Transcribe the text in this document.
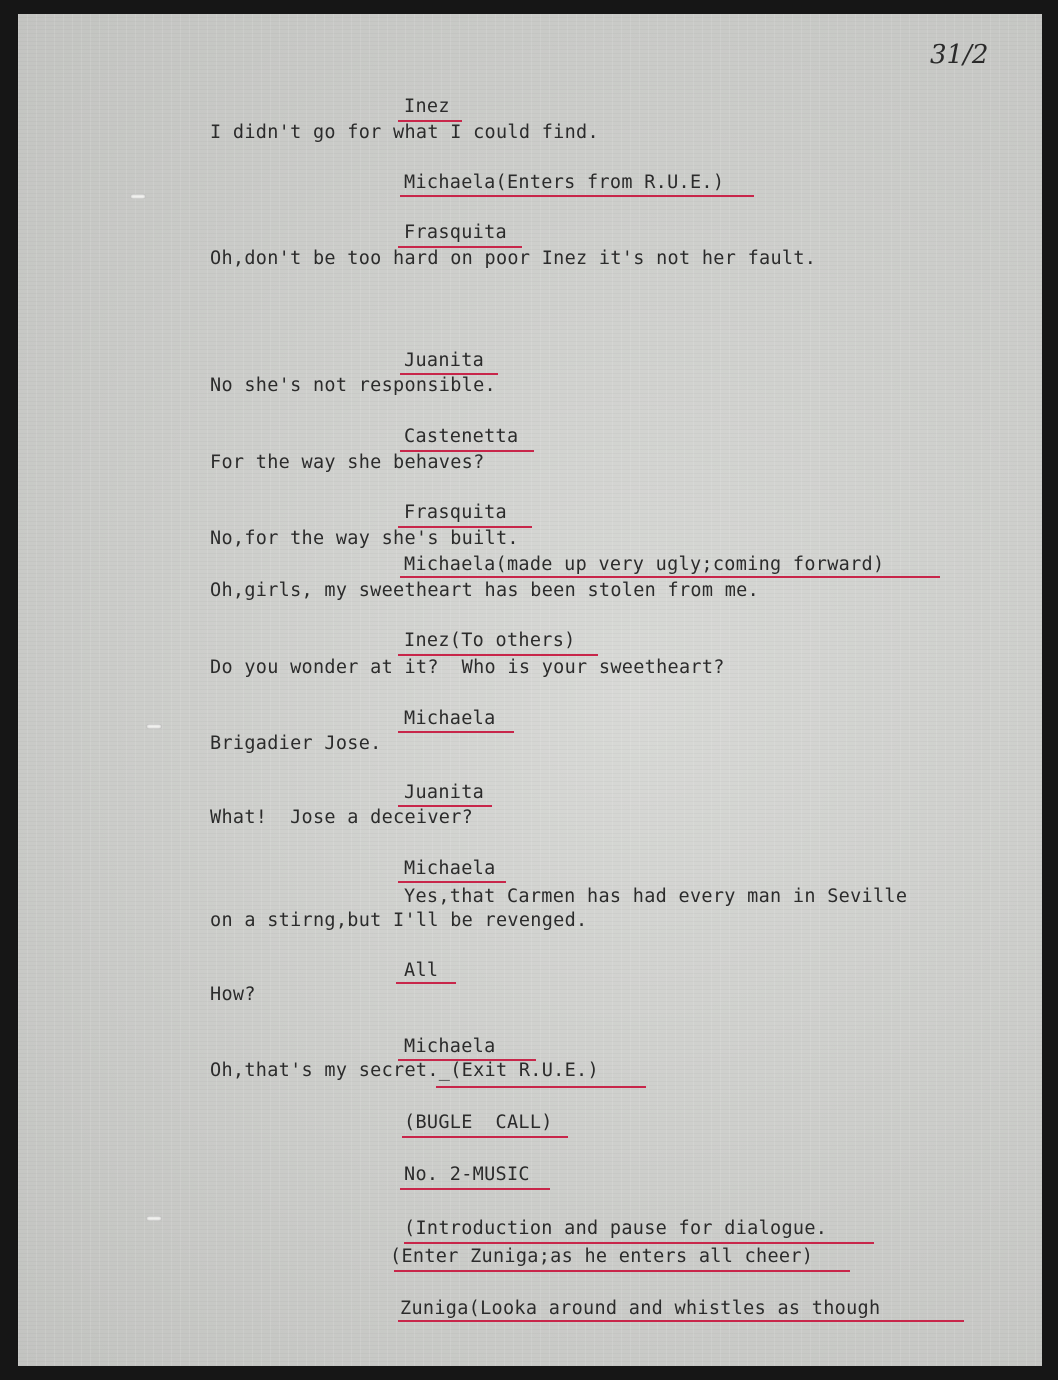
31/2
Inez
I didn't go for what I could find.
Michaela(Enters from R.U.E.)
Frasquita
Oh,don't be too hard on poor Inez it's not her fault.
Juanita
No she's not responsible.
Castenetta
For the way she behaves?
Frasquita
No,for the way she's built.
Michaela(made up very ugly;coming forward)
Oh,girls, my sweetheart has been stolen from me.
Inez(To others)
Do you wonder at it?  Who is your sweetheart?
Michaela
Brigadier Jose.
Juanita
What!  Jose a deceiver?
Michaela
Yes,that Carmen has had every man in Seville
on a stirng,but I'll be revenged.
All
How?
Michaela
Oh,that's my secret._(Exit R.U.E.)
(BUGLE  CALL)
No. 2-MUSIC
(Introduction and pause for dialogue.
(Enter Zuniga;as he enters all cheer)
Zuniga(Looka around and whistles as though
